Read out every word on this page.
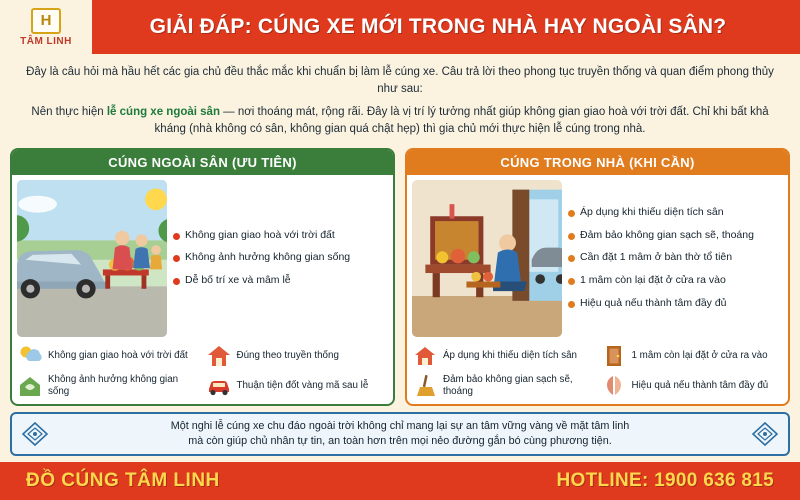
H
TÂM LINH
GIẢI ĐÁP: CÚNG XE MỚI TRONG NHÀ HAY NGOÀI SÂN?

Đây là câu hỏi mà hầu hết các gia chủ đều thắc mắc khi chuẩn bị làm lễ cúng xe. Câu trả lời theo phong tục truyền thống và quan điểm phong thủy như sau:

Nên thực hiện lễ cúng xe ngoài sân — nơi thoáng mát, rộng rãi. Đây là vị trí lý tưởng nhất giúp không gian giao hoà với trời đất. Chỉ khi bất khả kháng (nhà không có sân, không gian quá chật hẹp) thì gia chủ mới thực hiện lễ cúng trong nhà.

CÚNG NGOÀI SÂN (ƯU TIÊN)
Không gian giao hoà với trời đất
Không ảnh hưởng không gian sống
Dễ bố trí xe và mâm lễ
Không gian giao hoà với trời đất	Đúng theo truyền thống
Không ảnh hưởng không gian sống
Thuận tiện đốt vàng mã sau lễ
CÚNG TRONG NHÀ (KHI CẦN)
Áp dụng khi thiếu diện tích sân
Đảm bảo không gian sạch sẽ, thoáng
Cần đặt 1 mâm ở bàn thờ tổ tiên
1 mâm còn lại đặt ở cửa ra vào
Hiệu quả nếu thành tâm đầy đủ
Áp dụng khi thiếu diện tích sân	1 mâm còn lại đặt ở cửa ra vào
Đảm bảo không gian sạch sẽ, thoáng
Hiệu quả nếu thành tâm đầy đủ
Một nghi lễ cúng xe chu đáo ngoài trời không chỉ mang lại sự an tâm vững vàng về mặt tâm linh
mà còn giúp chủ nhân tự tin, an toàn hơn trên mọi nẻo đường gắn bó cùng phương tiện.
ĐỒ CÚNG TÂM LINH	HOTLINE: 1900 636 815
